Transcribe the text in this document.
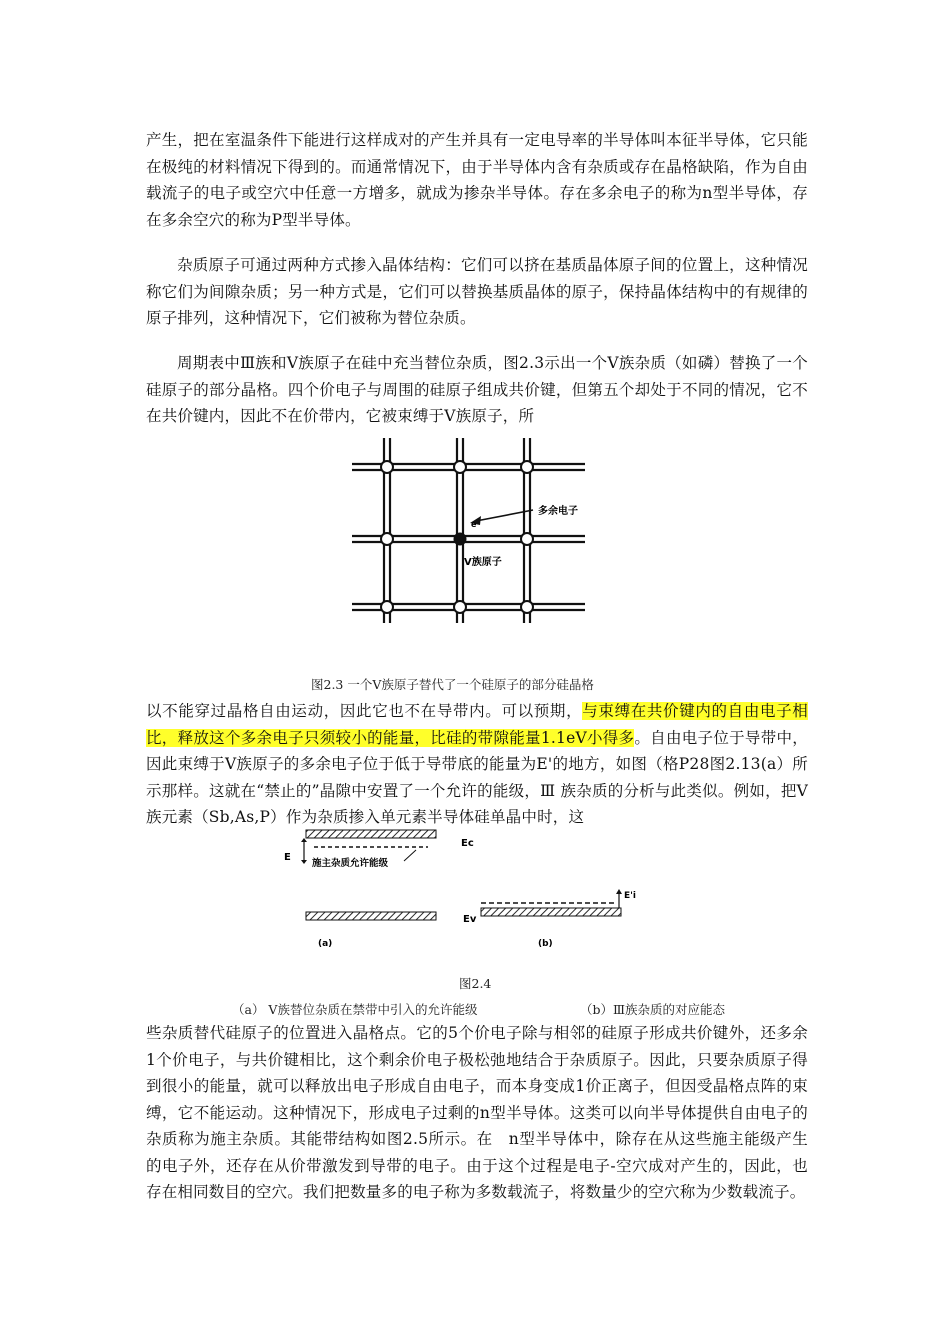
产生，把在室温条件下能进行这样成对的产生并具有一定电导率的半导体叫本征半导体，它只能在极纯的材料情况下得到的。而通常情况下，由于半导体内含有杂质或存在晶格缺陷，作为自由载流子的电子或空穴中任意一方增多，就成为掺杂半导体。存在多余电子的称为n型半导体，存在多余空穴的称为P型半导体。

杂质原子可通过两种方式掺入晶体结构：它们可以挤在基质晶体原子间的位置上，这种情况称它们为间隙杂质；另一种方式是，它们可以替换基质晶体的原子，保持晶体结构中的有规律的原子排列，这种情况下，它们被称为替位杂质。

周期表中Ⅲ族和Ⅴ族原子在硅中充当替位杂质，图2.3示出一个Ⅴ族杂质（如磷）替换了一个硅原子的部分晶格。四个价电子与周围的硅原子组成共价键，但第五个却处于不同的情况，它不在共价键内，因此不在价带内，它被束缚于Ⅴ族原子，所

e
多余电子
Ⅴ族原子
图2.3 一个Ⅴ族原子替代了一个硅原子的部分硅晶格

以不能穿过晶格自由运动，因此它也不在导带内。可以预期，与束缚在共价键内的自由电子相比，释放这个多余电子只须较小的能量，比硅的带隙能量1.1eV小得多。自由电子位于导带中，因此束缚于Ⅴ族原子的多余电子位于低于导带底的能量为E'的地方，如图（格P28图2.13(a）所示那样。这就在“禁止的”晶隙中安置了一个允许的能级，Ⅲ 族杂质的分析与此类似。例如，把Ⅴ族元素（Sb,As,P）作为杂质掺入单元素半导体硅单晶中时，这

E
施主杂质允许能级
(a)
Ec
E'i
Ev
(b)
图2.4
（a） Ⅴ族替位杂质在禁带中引入的允许能级	（b）Ⅲ族杂质的对应能态

些杂质替代硅原子的位置进入晶格点。它的5个价电子除与相邻的硅原子形成共价键外，还多余1个价电子，与共价键相比，这个剩余价电子极松弛地结合于杂质原子。因此，只要杂质原子得到很小的能量，就可以释放出电子形成自由电子，而本身变成1价正离子，但因受晶格点阵的束缚，它不能运动。这种情况下，形成电子过剩的n型半导体。这类可以向半导体提供自由电子的杂质称为施主杂质。其能带结构如图2.5所示。在　n型半导体中，除存在从这些施主能级产生的电子外，还存在从价带激发到导带的电子。由于这个过程是电子-空穴成对产生的，因此，也存在相同数目的空穴。我们把数量多的电子称为多数载流子，将数量少的空穴称为少数载流子。
